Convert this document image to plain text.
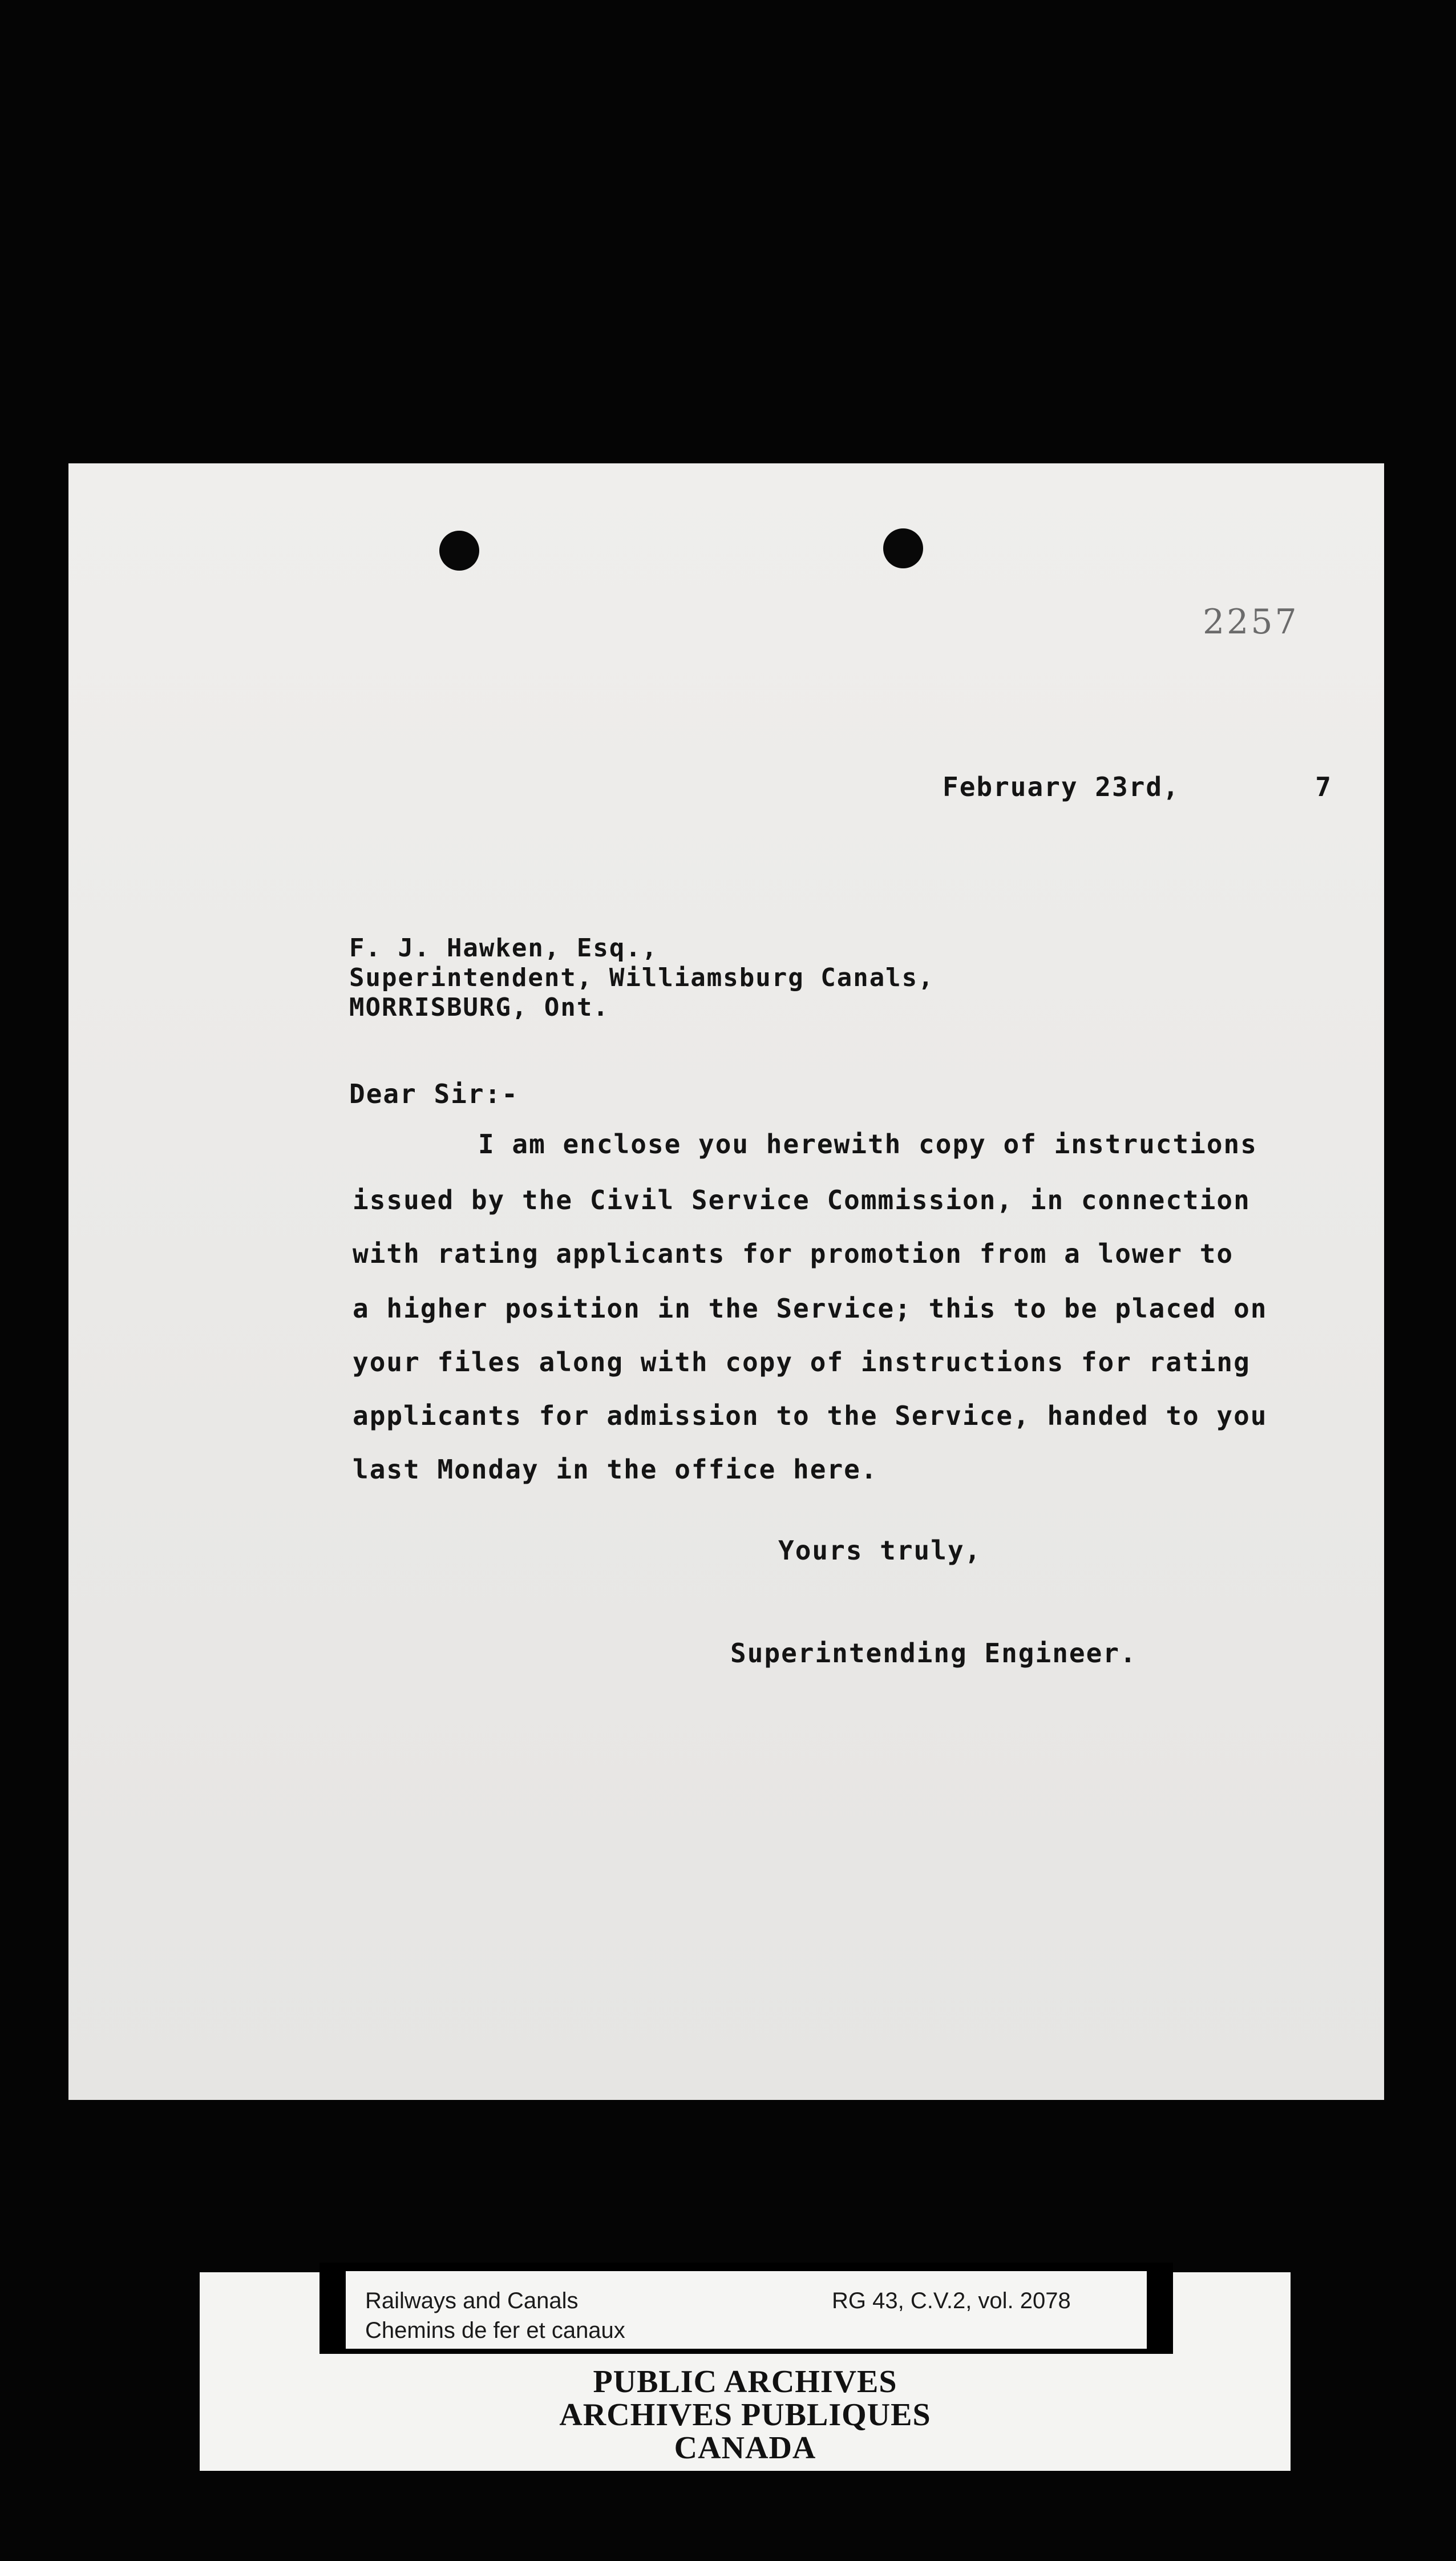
2257
February 23rd,        7
F. J. Hawken, Esq.,
Superintendent, Williamsburg Canals,
MORRISBURG, Ont.
Dear Sir:-
I am enclose you herewith copy of instructions
issued by the Civil Service Commission, in connection
with rating applicants for promotion from a lower to
a higher position in the Service; this to be placed on
your files along with copy of instructions for rating
applicants for admission to the Service, handed to you
last Monday in the office here.
Yours truly,
Superintending Engineer.
Railways and Canals
Chemins de fer et canaux
RG 43, C.V.2, vol. 2078
PUBLIC ARCHIVES
ARCHIVES PUBLIQUES
CANADA
